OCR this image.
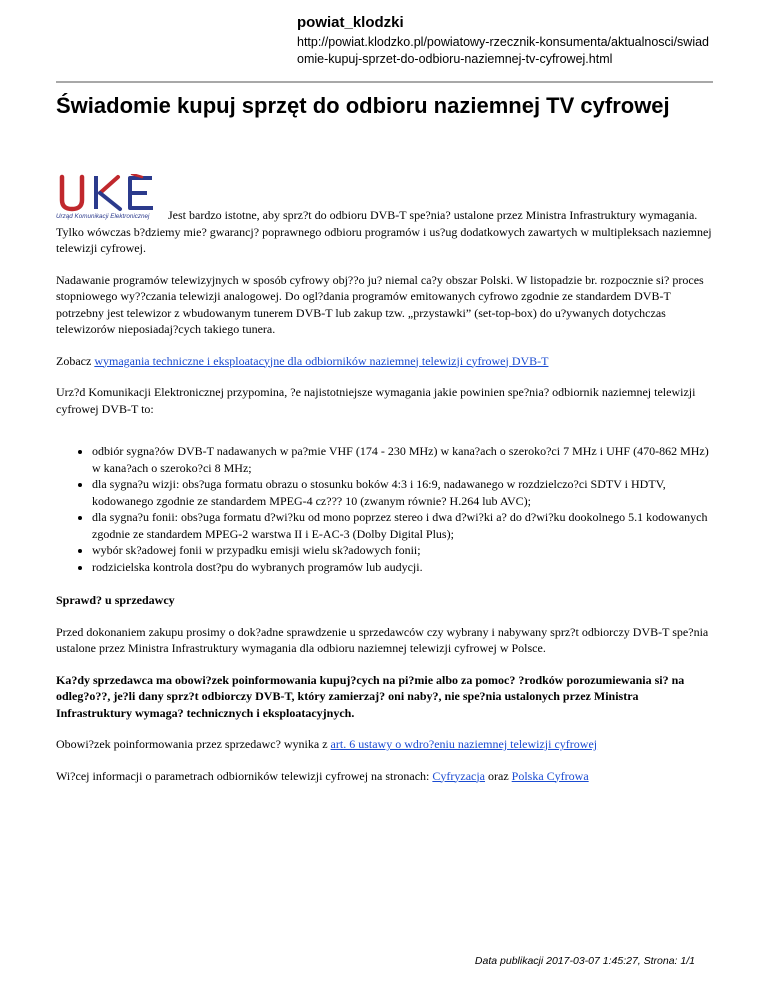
powiat_klodzki
http://powiat.klodzko.pl/powiatowy-rzecznik-konsumenta/aktualnosci/swiadomie-kupuj-sprzet-do-odbioru-naziemnej-tv-cyfrowej.html
Świadomie kupuj sprzęt do odbioru naziemnej TV cyfrowej
Urząd Komunikacji Elektronicznej	Jest bardzo istotne, aby sprz?t do odbioru DVB-T spe?nia? ustalone przez Ministra Infrastruktury wymagania. Tylko wówczas b?dziemy mie? gwarancj? poprawnego odbioru programów i us?ug dodatkowych zawartych w multipleksach naziemnej telewizji cyfrowej.

Nadawanie programów telewizyjnych w sposób cyfrowy obj??o ju? niemal ca?y obszar Polski. W listopadzie br. rozpocznie si? proces stopniowego wy??czania telewizji analogowej. Do ogl?dania programów emitowanych cyfrowo zgodnie ze standardem DVB-T potrzebny jest telewizor z wbudowanym tunerem DVB-T lub zakup tzw. „przystawki” (set-top-box) do u?ywanych dotychczas telewizorów nieposiadaj?cych takiego tunera.

Zobacz wymagania techniczne i eksploatacyjne dla odbiorników naziemnej telewizji cyfrowej DVB-T

Urz?d Komunikacji Elektronicznej przypomina, ?e najistotniejsze wymagania jakie powinien spe?nia? odbiornik naziemnej telewizji cyfrowej DVB-T to:

• odbiór sygna?ów DVB-T nadawanych w pa?mie VHF (174 - 230 MHz) w kana?ach o szeroko?ci 7 MHz i UHF (470-862 MHz) w kana?ach o szeroko?ci 8 MHz;
• dla sygna?u wizji: obs?uga formatu obrazu o stosunku boków 4:3 i 16:9, nadawanego w rozdzielczo?ci SDTV i HDTV, kodowanego zgodnie ze standardem MPEG-4 cz??? 10 (zwanym równie? H.264 lub AVC);
• dla sygna?u fonii: obs?uga formatu d?wi?ku od mono poprzez stereo i dwa d?wi?ki a? do d?wi?ku dookolnego 5.1 kodowanych zgodnie ze standardem MPEG-2 warstwa II i E-AC-3 (Dolby Digital Plus);
• wybór sk?adowej fonii w przypadku emisji wielu sk?adowych fonii;
• rodzicielska kontrola dost?pu do wybranych programów lub audycji.

Sprawd? u sprzedawcy

Przed dokonaniem zakupu prosimy o dok?adne sprawdzenie u sprzedawców czy wybrany i nabywany sprz?t odbiorczy DVB-T spe?nia ustalone przez Ministra Infrastruktury wymagania dla odbioru naziemnej telewizji cyfrowej w Polsce.

Ka?dy sprzedawca ma obowi?zek poinformowania kupuj?cych na pi?mie albo za pomoc? ?rodków porozumiewania si? na odleg?o??, je?li dany sprz?t odbiorczy DVB-T, który zamierzaj? oni naby?, nie spe?nia ustalonych przez Ministra Infrastruktury wymaga? technicznych i eksploatacyjnych.

Obowi?zek poinformowania przez sprzedawc? wynika z art. 6 ustawy o wdro?eniu naziemnej telewizji cyfrowej

Wi?cej informacji o parametrach odbiorników telewizji cyfrowej na stronach: Cyfryzacja oraz Polska Cyfrowa

Data publikacji 2017-03-07 1:45:27, Strona: 1/1
